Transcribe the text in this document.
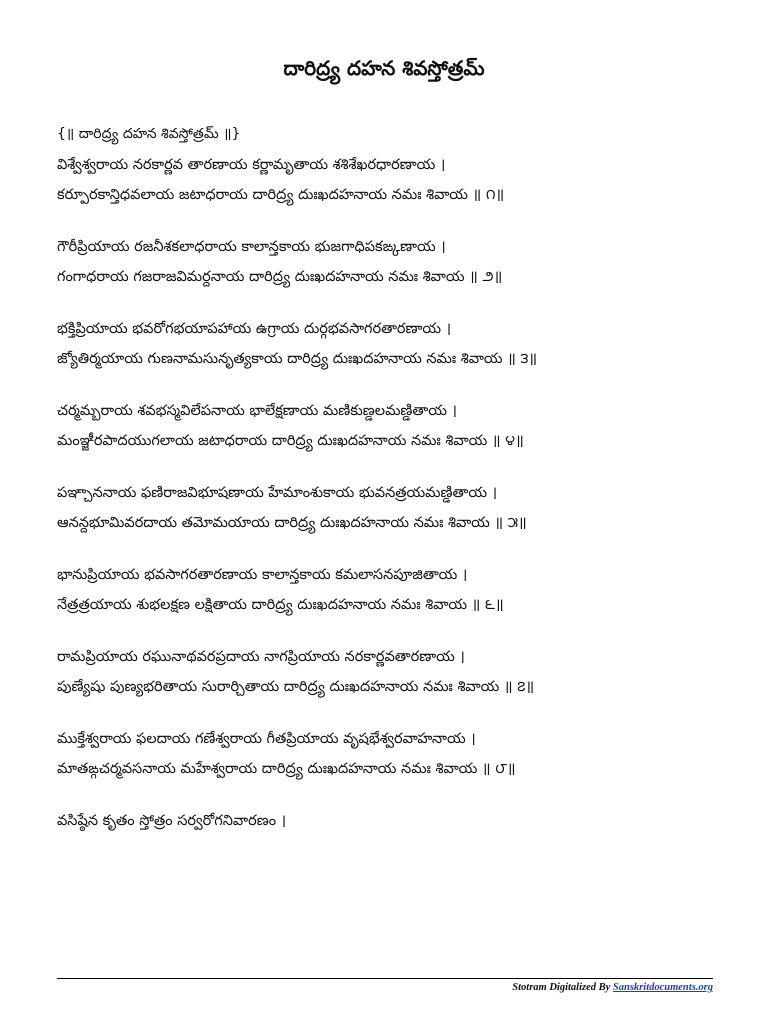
దారిద్ర్య దహన శివస్తోత్రమ్
{॥ దారిద్ర్య దహన శివస్తోత్రమ్ ॥}
విశ్వేశ్వరాయ నరకార్ణవ తారణాయ కర్ణామృతాయ శశిశేఖరధారణాయ ।
కర్పూరకాన్తిధవలాయ జటాధరాయ దారిద్ర్య దుఃఖదహనాయ నమః శివాయ ॥ ౧॥
గౌరీప్రియాయ రజనీశకలాధరాయ కాలాన్తకాయ భుజగాధిపకఙ్కణాయ ।
గంగాధరాయ గజరాజవిమర్దనాయ దారిద్ర్య దుఃఖదహనాయ నమః శివాయ ॥ ౨॥
భక్తిప్రియాయ భవరోగభయాపహాయ ఉగ్రాయ దుర్గభవసాగరతారణాయ ।
జ్యోతిర్మయాయ గుణనామసునృత్యకాయ దారిద్ర్య దుఃఖదహనాయ నమః శివాయ ॥ ౩॥
చర్మమ్బరాయ శవభస్మవిలేపనాయ భాలేక్షణాయ మణికుణ్డలమణ్డితాయ ।
మంఞ్జీరపాదయుగలాయ జటాధరాయ దారిద్ర్య దుఃఖదహనాయ నమః శివాయ ॥ ౪॥
పఞ్చాననాయ ఫణిరాజవిభూషణాయ హేమాంశుకాయ భువనత్రయమణ్డితాయ ।
ఆనన్దభూమివరదాయ తమోమయాయ దారిద్ర్య దుఃఖదహనాయ నమః శివాయ ॥ ౫॥
భానుప్రియాయ భవసాగరతారణాయ కాలాన్తకాయ కమలాసనపూజితాయ ।
నేత్రత్రయాయ శుభలక్షణ లక్షితాయ దారిద్ర్య దుఃఖదహనాయ నమః శివాయ ॥ ౬॥
రామప్రియాయ రఘునాథవరప్రదాయ నాగప్రియాయ నరకార్ణవతారణాయ ।
పుణ్యేషు పుణ్యభరితాయ సురార్చితాయ దారిద్ర్య దుఃఖదహనాయ నమః శివాయ ॥ ౭॥
ముక్తేశ్వరాయ ఫలదాయ గణేశ్వరాయ గీతప్రియాయ వృషభేశ్వరవాహనాయ ।
మాతఙ్గచర్మవసనాయ మహేశ్వరాయ దారిద్ర్య దుఃఖదహనాయ నమః శివాయ ॥ ౮॥
వసిష్ఠేన కృతం స్తోత్రం సర్వరోగనివారణం ।
Stotram Digitalized By Sanskritdocuments.org
